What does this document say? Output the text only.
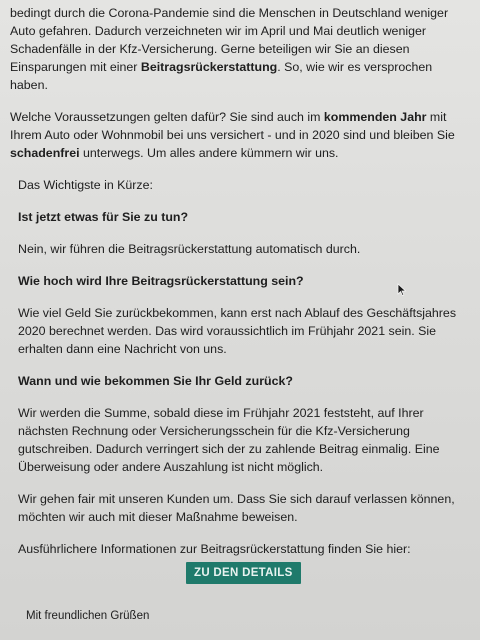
bedingt durch die Corona-Pandemie sind die Menschen in Deutschland weniger
Auto gefahren. Dadurch verzeichneten wir im April und Mai deutlich weniger
Schadenfälle in der Kfz-Versicherung. Gerne beteiligen wir Sie an diesen
Einsparungen mit einer Beitragsrückerstattung. So, wie wir es versprochen
haben.
Welche Voraussetzungen gelten dafür? Sie sind auch im kommenden Jahr mit
Ihrem Auto oder Wohnmobil bei uns versichert - und in 2020 sind und bleiben Sie
schadenfrei unterwegs. Um alles andere kümmern wir uns.
Das Wichtigste in Kürze:
Ist jetzt etwas für Sie zu tun?
Nein, wir führen die Beitragsrückerstattung automatisch durch.
Wie hoch wird Ihre Beitragsrückerstattung sein?
Wie viel Geld Sie zurückbekommen, kann erst nach Ablauf des Geschäftsjahres
2020 berechnet werden. Das wird voraussichtlich im Frühjahr 2021 sein. Sie
erhalten dann eine Nachricht von uns.
Wann und wie bekommen Sie Ihr Geld zurück?
Wir werden die Summe, sobald diese im Frühjahr 2021 feststeht, auf Ihrer
nächsten Rechnung oder Versicherungsschein für die Kfz-Versicherung
gutschreiben. Dadurch verringert sich der zu zahlende Beitrag einmalig. Eine
Überweisung oder andere Auszahlung ist nicht möglich.
Wir gehen fair mit unseren Kunden um. Dass Sie sich darauf verlassen können,
möchten wir auch mit dieser Maßnahme beweisen.
Ausführlichere Informationen zur Beitragsrückerstattung finden Sie hier:
ZU DEN DETAILS
Mit freundlichen Grüßen
